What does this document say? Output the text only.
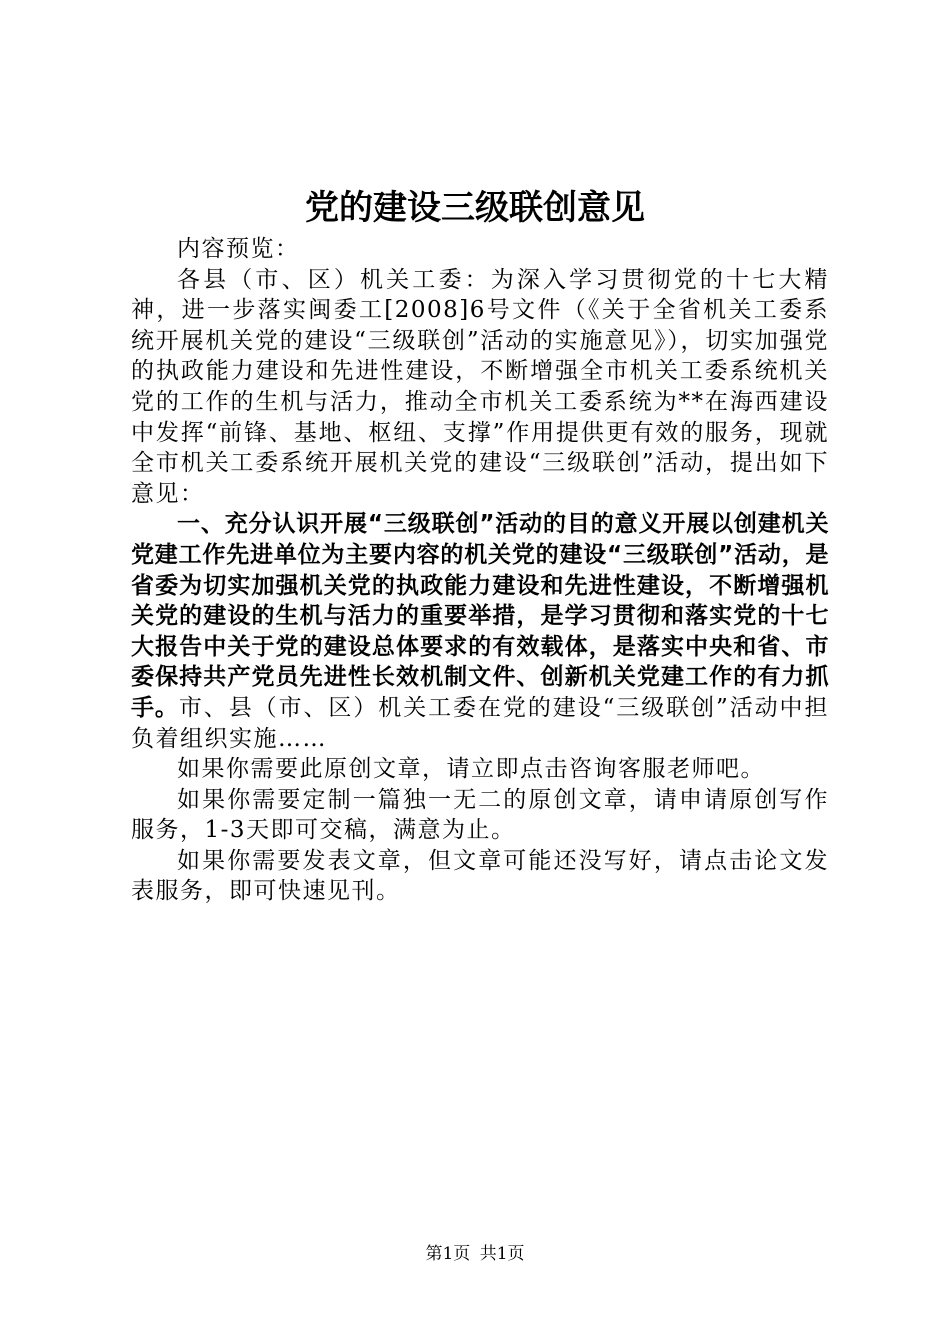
党的建设三级联创意见

内容预览：

各县（市、区）机关工委：为深入学习贯彻党的十七大精神，进一步落实闽委工[2008]6号文件（《关于全省机关工委系统开展机关党的建设“三级联创”活动的实施意见》），切实加强党的执政能力建设和先进性建设，不断增强全市机关工委系统机关党的工作的生机与活力，推动全市机关工委系统为**在海西建设中发挥“前锋、基地、枢纽、支撑”作用提供更有效的服务，现就全市机关工委系统开展机关党的建设“三级联创”活动，提出如下意见：

一、充分认识开展“三级联创”活动的目的意义开展以创建机关党建工作先进单位为主要内容的机关党的建设“三级联创”活动，是省委为切实加强机关党的执政能力建设和先进性建设，不断增强机关党的建设的生机与活力的重要举措，是学习贯彻和落实党的十七大报告中关于党的建设总体要求的有效载体，是落实中央和省、市委保持共产党员先进性长效机制文件、创新机关党建工作的有力抓手。市、县（市、区）机关工委在党的建设“三级联创”活动中担负着组织实施……

如果你需要此原创文章，请立即点击咨询客服老师吧。

如果你需要定制一篇独一无二的原创文章，请申请原创写作服务，1-3天即可交稿，满意为止。

如果你需要发表文章，但文章可能还没写好，请点击论文发表服务，即可快速见刊。

第1页 共1页
